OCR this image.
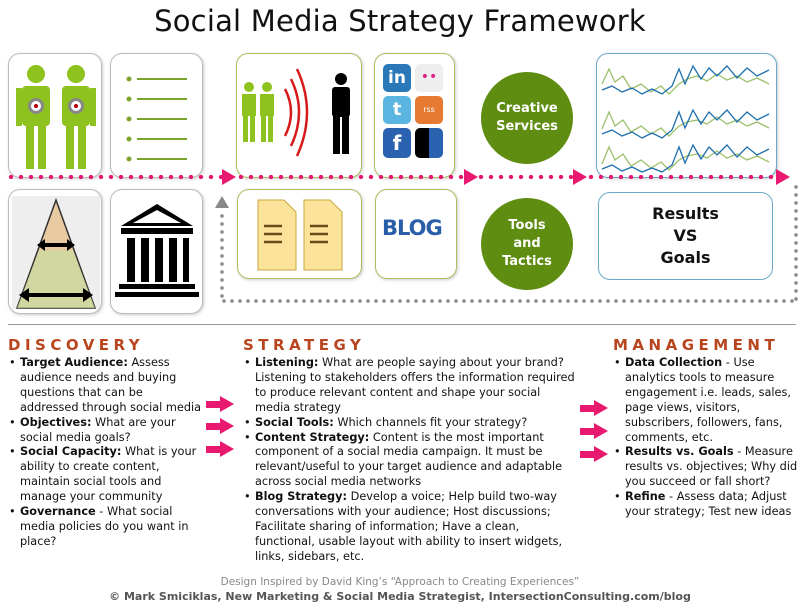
Social Media Strategy Framework
in	••
t	rss
f
Creative
Services
BLOG	Tools
and
Tactics
Results
VS
Goals
DISCOVERY
• Target Audience: Assess audience needs and buying questions that can be addressed through social media
• Objectives: What are your social media goals?
• Social Capacity: What is your ability to create content, maintain social tools and manage your community
• Governance - What social media policies do you want in place?
STRATEGY
• Listening: What are people saying about your brand? Listening to stakeholders offers the information required to produce relevant content and shape your social media strategy
• Social Tools: Which channels fit your strategy?
• Content Strategy: Content is the most important component of a social media campaign. It must be relevant/useful to your target audience and adaptable across social media networks
• Blog Strategy: Develop a voice; Help build two-way conversations with your audience; Host discussions; Facilitate sharing of information; Have a clean, functional, usable layout with ability to insert widgets, links, sidebars, etc.
MANAGEMENT
• Data Collection - Use analytics tools to measure engagement i.e. leads, sales, page views, visitors, subscribers, followers, fans, comments, etc.
• Results vs. Goals - Measure results vs. objectives; Why did you succeed or fall short?
• Refine - Assess data; Adjust your strategy; Test new ideas
Design Inspired by David King’s “Approach to Creating Experiences”
© Mark Smiciklas, New Marketing & Social Media Strategist, IntersectionConsulting.com/blog
